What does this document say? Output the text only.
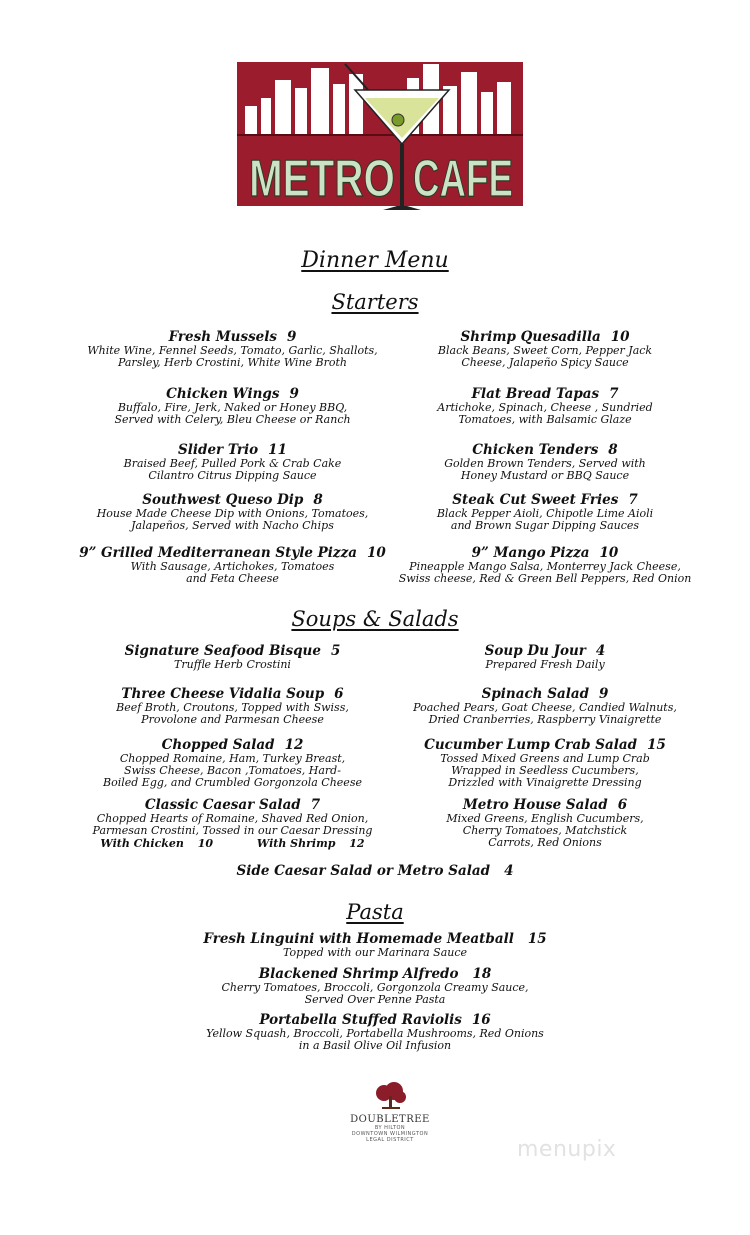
METRO CAFE
Dinner Menu
Starters
Fresh Mussels 9
White Wine, Fennel Seeds, Tomato, Garlic, Shallots,
Parsley, Herb Crostini, White Wine Broth
Chicken Wings 9
Buffalo, Fire, Jerk, Naked or Honey BBQ,
Served with Celery, Bleu Cheese or Ranch
Slider Trio 11
Braised Beef, Pulled Pork & Crab Cake
Cilantro Citrus Dipping Sauce
Southwest Queso Dip 8
House Made Cheese Dip with Onions, Tomatoes,
Jalapeños, Served with Nacho Chips
9” Grilled Mediterranean Style Pizza 10
With Sausage, Artichokes, Tomatoes
and Feta Cheese
Shrimp Quesadilla 10
Black Beans, Sweet Corn, Pepper Jack
Cheese, Jalapeño Spicy Sauce
Flat Bread Tapas 7
Artichoke, Spinach, Cheese , Sundried
Tomatoes, with Balsamic Glaze
Chicken Tenders 8
Golden Brown Tenders, Served with
Honey Mustard or BBQ Sauce
Steak Cut Sweet Fries 7
Black Pepper Aioli, Chipotle Lime Aioli
and Brown Sugar Dipping Sauces
9” Mango Pizza 10
Pineapple Mango Salsa, Monterrey Jack Cheese,
Swiss cheese, Red & Green Bell Peppers, Red Onion
Soups & Salads
Signature Seafood Bisque 5
Truffle Herb Crostini
Three Cheese Vidalia Soup 6
Beef Broth, Croutons, Topped with Swiss,
Provolone and Parmesan Cheese
Chopped Salad 12
Chopped Romaine, Ham, Turkey Breast,
Swiss Cheese, Bacon ,Tomatoes, Hard-
Boiled Egg, and Crumbled Gorgonzola Cheese
Classic Caesar Salad 7
Chopped Hearts of Romaine, Shaved Red Onion,
Parmesan Crostini, Tossed in our Caesar Dressing
With Chicken 10	With Shrimp 12
Soup Du Jour 4
Prepared Fresh Daily
Spinach Salad 9
Poached Pears, Goat Cheese, Candied Walnuts,
Dried Cranberries, Raspberry Vinaigrette
Cucumber Lump Crab Salad 15
Tossed Mixed Greens and Lump Crab
Wrapped in Seedless Cucumbers,
Drizzled with Vinaigrette Dressing
Metro House Salad 6
Mixed Greens, English Cucumbers,
Cherry Tomatoes, Matchstick
Carrots, Red Onions
Side Caesar Salad or Metro Salad 4
Pasta
Fresh Linguini with Homemade Meatball 15
Topped with our Marinara Sauce
Blackened Shrimp Alfredo 18
Cherry Tomatoes, Broccoli, Gorgonzola Creamy Sauce,
Served Over Penne Pasta
Portabella Stuffed Raviolis 16
Yellow Squash, Broccoli, Portabella Mushrooms, Red Onions
in a Basil Olive Oil Infusion
DOUBLETREE
BY HILTON
DOWNTOWN WILMINGTON
LEGAL DISTRICT	menupix
